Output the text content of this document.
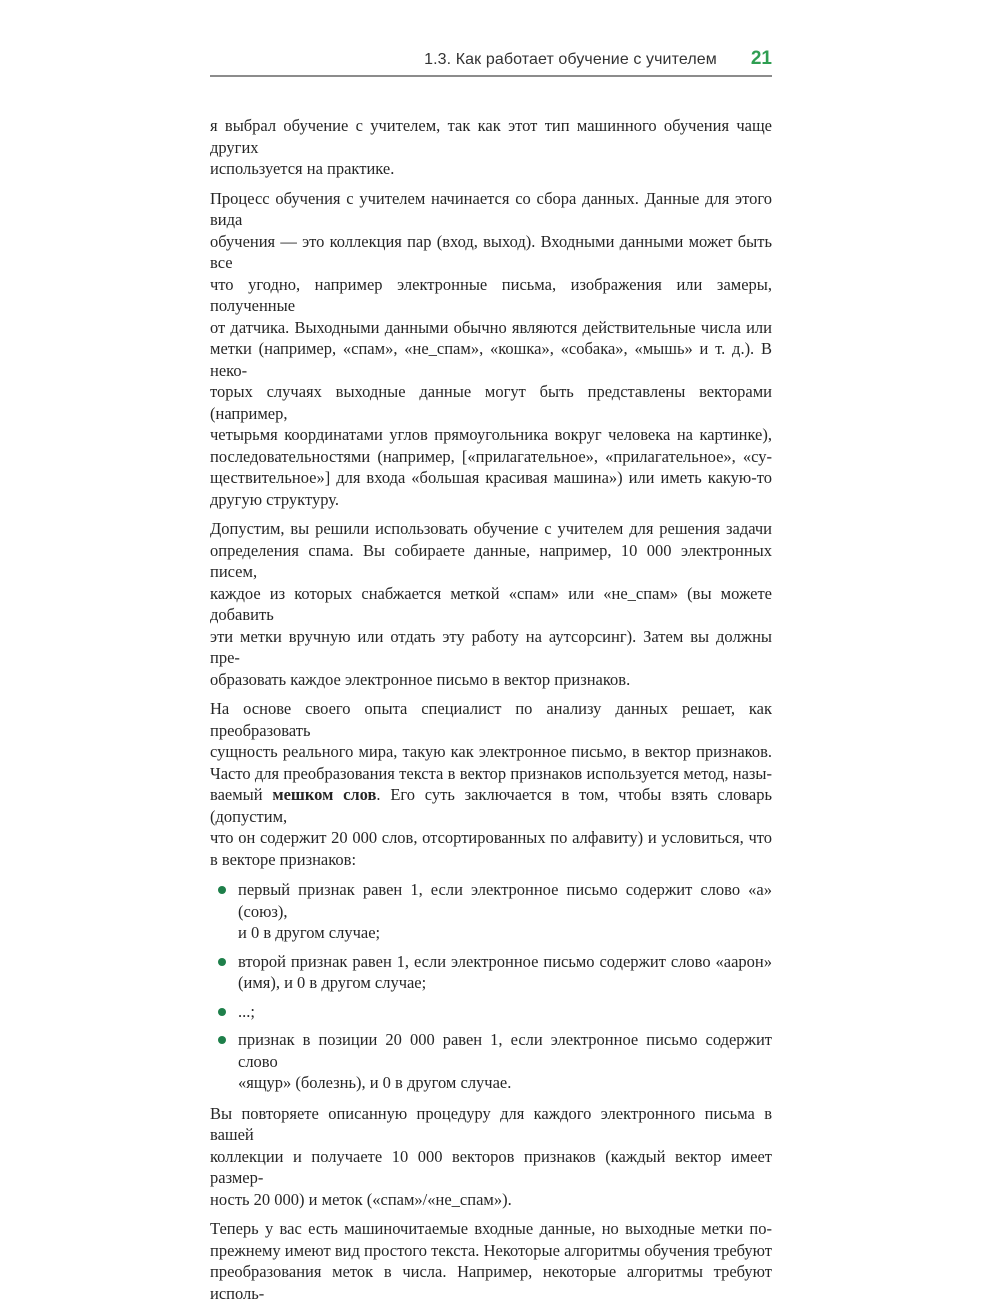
1.3. Как работает обучение с учителем 21

я выбрал обучение с учителем, так как этот тип машинного обучения чаще других
используется на практике.

Процесс обучения с учителем начинается со сбора данных. Данные для этого вида
обучения — это коллекция пар (вход, выход). Входными данными может быть все
что угодно, например электронные письма, изображения или замеры, полученные
от датчика. Выходными данными обычно являются действительные числа или
метки (например, «спам», «не_спам», «кошка», «собака», «мышь» и т. д.). В неко-
торых случаях выходные данные могут быть представлены векторами (например,
четырьмя координатами углов прямоугольника вокруг человека на картинке),
последовательностями (например, [«прилагательное», «прилагательное», «су-
ществительное»] для входа «большая красивая машина») или иметь какую-то
другую структуру.

Допустим, вы решили использовать обучение с учителем для решения задачи
определения спама. Вы собираете данные, например, 10 000 электронных писем,
каждое из которых снабжается меткой «спам» или «не_спам» (вы можете добавить
эти метки вручную или отдать эту работу на аутсорсинг). Затем вы должны пре-
образовать каждое электронное письмо в вектор признаков.

На основе своего опыта специалист по анализу данных решает, как преобразовать
сущность реального мира, такую как электронное письмо, в вектор признаков.
Часто для преобразования текста в вектор признаков используется метод, назы-
ваемый мешком слов. Его суть заключается в том, чтобы взять словарь (допустим,
что он содержит 20 000 слов, отсортированных по алфавиту) и условиться, что
в векторе признаков:

первый признак равен 1, если электронное письмо содержит слово «а» (союз),
и 0 в другом случае;
второй признак равен 1, если электронное письмо содержит слово «аарон»
(имя), и 0 в другом случае;
...;
признак в позиции 20 000 равен 1, если электронное письмо содержит слово
«ящур» (болезнь), и 0 в другом случае.

Вы повторяете описанную процедуру для каждого электронного письма в вашей
коллекции и получаете 10 000 векторов признаков (каждый вектор имеет размер-
ность 20 000) и меток («спам»/«не_спам»).

Теперь у вас есть машиночитаемые входные данные, но выходные метки по-
прежнему имеют вид простого текста. Некоторые алгоритмы обучения требуют
преобразования меток в числа. Например, некоторые алгоритмы требуют исполь-
